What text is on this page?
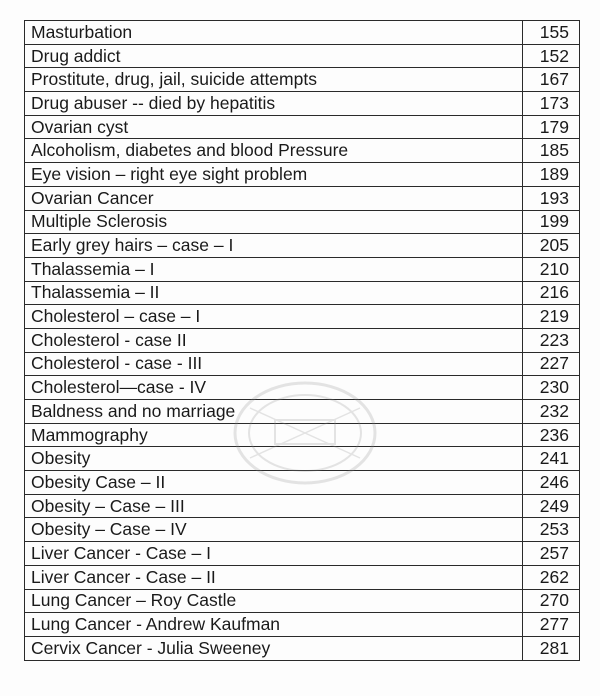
Masturbation	155
Drug addict	152
Prostitute, drug, jail, suicide attempts	167
Drug abuser -- died by hepatitis	173
Ovarian cyst	179
Alcoholism, diabetes and blood Pressure	185
Eye vision – right eye sight problem	189
Ovarian Cancer	193
Multiple Sclerosis	199
Early grey hairs – case – I	205
Thalassemia – I	210
Thalassemia – II	216
Cholesterol – case – I	219
Cholesterol - case II	223
Cholesterol - case - III	227
Cholesterol—case - IV	230
Baldness and no marriage	232
Mammography	236
Obesity	241
Obesity Case – II	246
Obesity – Case – III	249
Obesity – Case – IV	253
Liver Cancer - Case – I	257
Liver Cancer - Case – II	262
Lung Cancer – Roy Castle	270
Lung Cancer - Andrew Kaufman	277
Cervix Cancer - Julia Sweeney	281
